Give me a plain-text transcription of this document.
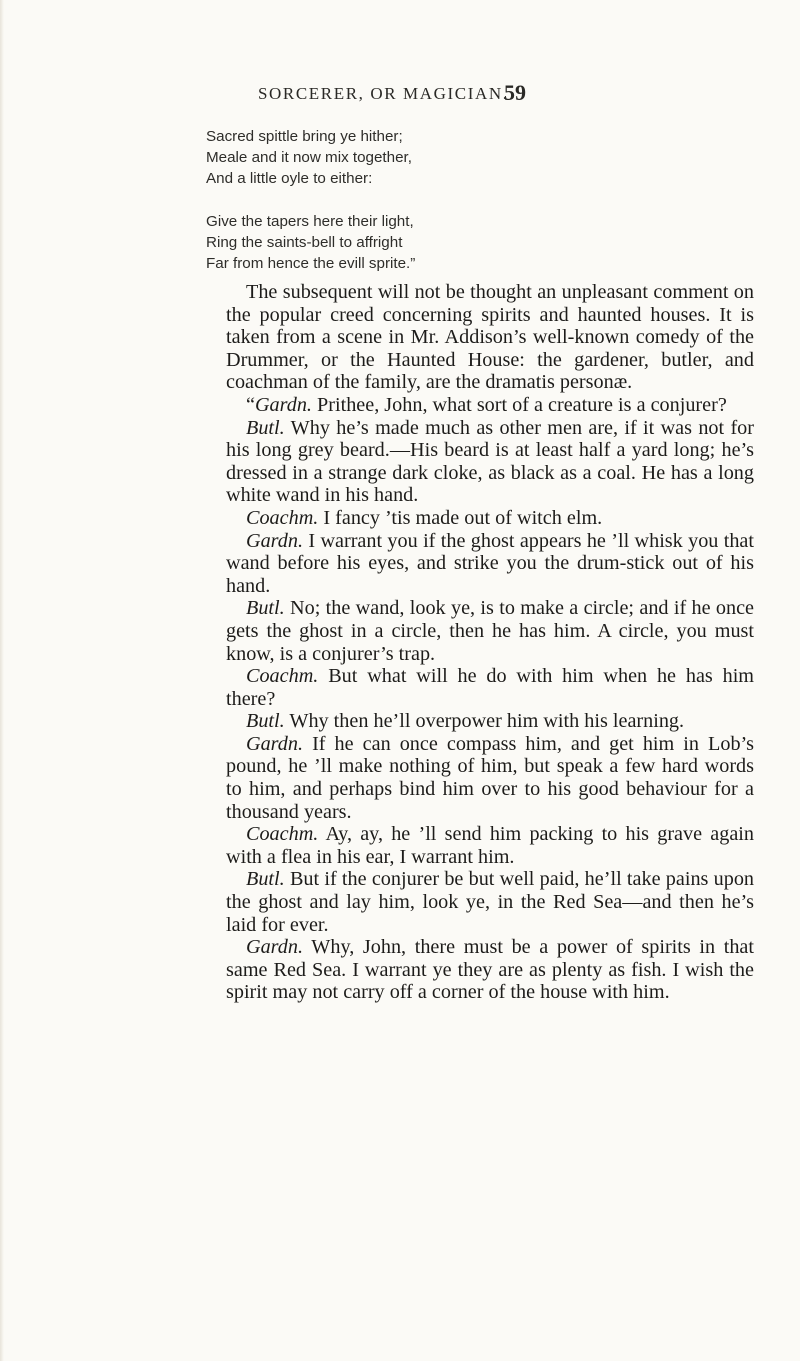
SORCERER, OR MAGICIAN.
59
Sacred spittle bring ye hither;
Meale and it now mix together,
And a little oyle to either:
Give the tapers here their light,
Ring the saints-bell to affright
Far from hence the evill sprite.”

The subsequent will not be thought an unpleasant comment on the popular creed concerning spirits and haunted houses. It is taken from a scene in Mr. Addison’s well-known comedy of the Drummer, or the Haunted House: the gardener, butler, and coachman of the family, are the dramatis personæ.

“Gardn. Prithee, John, what sort of a creature is a conjurer?

Butl. Why he’s made much as other men are, if it was not for his long grey beard.—His beard is at least half a yard long; he’s dressed in a strange dark cloke, as black as a coal. He has a long white wand in his hand.

Coachm. I fancy ’tis made out of witch elm.

Gardn. I warrant you if the ghost appears he ’ll whisk you that wand before his eyes, and strike you the drum-stick out of his hand.

Butl. No; the wand, look ye, is to make a circle; and if he once gets the ghost in a circle, then he has him. A circle, you must know, is a conjurer’s trap.

Coachm. But what will he do with him when he has him there?

Butl. Why then he’ll overpower him with his learning.

Gardn. If he can once compass him, and get him in Lob’s pound, he ’ll make nothing of him, but speak a few hard words to him, and perhaps bind him over to his good behaviour for a thousand years.

Coachm. Ay, ay, he ’ll send him packing to his grave again with a flea in his ear, I warrant him.

Butl. But if the conjurer be but well paid, he’ll take pains upon the ghost and lay him, look ye, in the Red Sea—and then he’s laid for ever.

Gardn. Why, John, there must be a power of spirits in that same Red Sea. I warrant ye they are as plenty as fish. I wish the spirit may not carry off a corner of the house with him.
